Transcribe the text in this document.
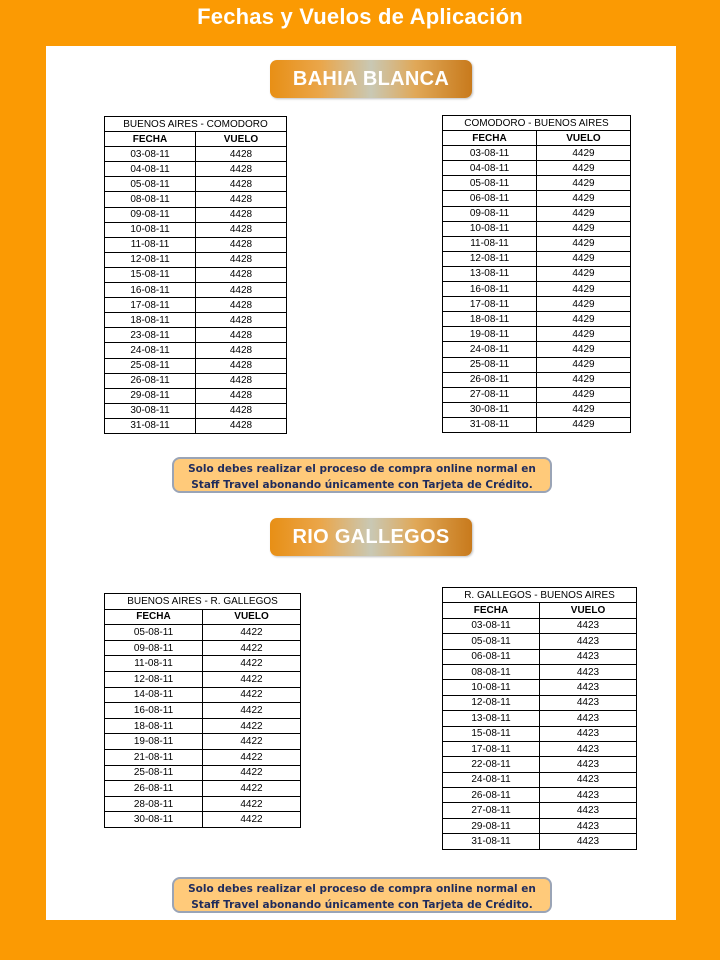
Fechas y Vuelos de Aplicación
BAHIA BLANCA
BUENOS AIRES - COMODORO	
FECHA	VUELO
03-08-11	4428
04-08-11	4428
05-08-11	4428
08-08-11	4428
09-08-11	4428
10-08-11	4428
11-08-11	4428
12-08-11	4428
15-08-11	4428
16-08-11	4428
17-08-11	4428
18-08-11	4428
23-08-11	4428
24-08-11	4428
25-08-11	4428
26-08-11	4428
29-08-11	4428
30-08-11	4428
31-08-11	4428
COMODORO - BUENOS AIRES	
FECHA	VUELO
03-08-11	4429
04-08-11	4429
05-08-11	4429
06-08-11	4429
09-08-11	4429
10-08-11	4429
11-08-11	4429
12-08-11	4429
13-08-11	4429
16-08-11	4429
17-08-11	4429
18-08-11	4429
19-08-11	4429
24-08-11	4429
25-08-11	4429
26-08-11	4429
27-08-11	4429
30-08-11	4429
31-08-11	4429
Solo debes realizar el proceso de compra online normal en
Staff Travel abonando únicamente con Tarjeta de Crédito.
RIO GALLEGOS
BUENOS AIRES - R. GALLEGOS	
FECHA	VUELO
05-08-11	4422
09-08-11	4422
11-08-11	4422
12-08-11	4422
14-08-11	4422
16-08-11	4422
18-08-11	4422
19-08-11	4422
21-08-11	4422
25-08-11	4422
26-08-11	4422
28-08-11	4422
30-08-11	4422
R. GALLEGOS - BUENOS AIRES	
FECHA	VUELO
03-08-11	4423
05-08-11	4423
06-08-11	4423
08-08-11	4423
10-08-11	4423
12-08-11	4423
13-08-11	4423
15-08-11	4423
17-08-11	4423
22-08-11	4423
24-08-11	4423
26-08-11	4423
27-08-11	4423
29-08-11	4423
31-08-11	4423
Solo debes realizar el proceso de compra online normal en
Staff Travel abonando únicamente con Tarjeta de Crédito.
